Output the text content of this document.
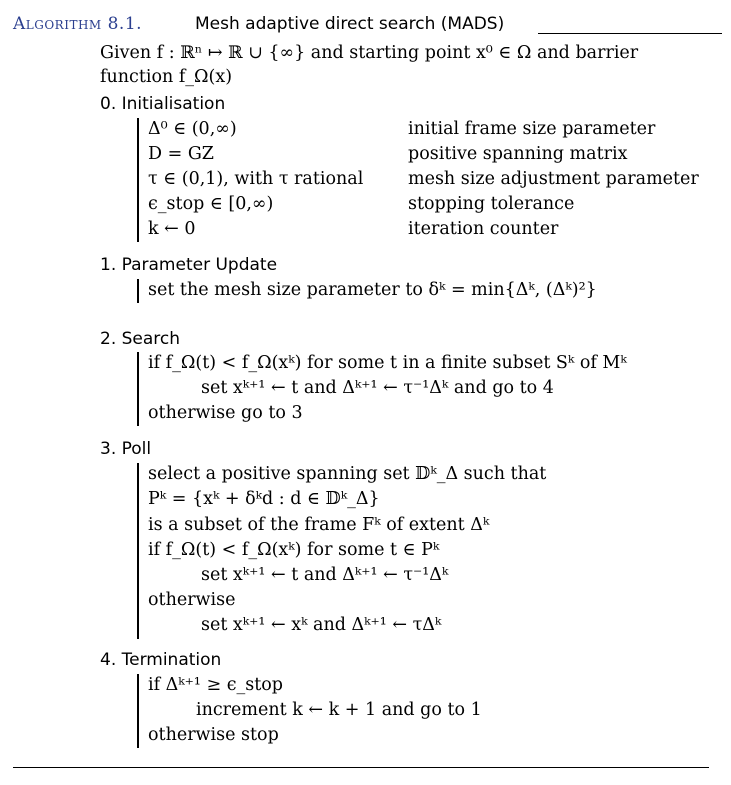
Algorithm 8.1.	Mesh adaptive direct search (MADS)
Given f : ℝⁿ ↦ ℝ ∪ {∞} and starting point x⁰ ∈ Ω and barrier
function f_Ω(x)
0. Initialisation
Δ⁰ ∈ (0,∞)	initial frame size parameter
D = GZ	positive spanning matrix
τ ∈ (0,1), with τ rational	mesh size adjustment parameter
ϵ_stop ∈ [0,∞)	stopping tolerance
k ← 0	iteration counter
1. Parameter Update
set the mesh size parameter to δᵏ = min{Δᵏ, (Δᵏ)²}
2. Search
if f_Ω(t) < f_Ω(xᵏ) for some t in a finite subset Sᵏ of Mᵏ
set xᵏ⁺¹ ← t and Δᵏ⁺¹ ← τ⁻¹Δᵏ and go to 4
otherwise go to 3
3. Poll
select a positive spanning set 𝔻ᵏ_Δ such that
Pᵏ = {xᵏ + δᵏd : d ∈ 𝔻ᵏ_Δ}
is a subset of the frame Fᵏ of extent Δᵏ
if f_Ω(t) < f_Ω(xᵏ) for some t ∈ Pᵏ
set xᵏ⁺¹ ← t and Δᵏ⁺¹ ← τ⁻¹Δᵏ
otherwise
set xᵏ⁺¹ ← xᵏ and Δᵏ⁺¹ ← τΔᵏ
4. Termination
if Δᵏ⁺¹ ≥ ϵ_stop
increment k ← k + 1 and go to 1
otherwise stop
